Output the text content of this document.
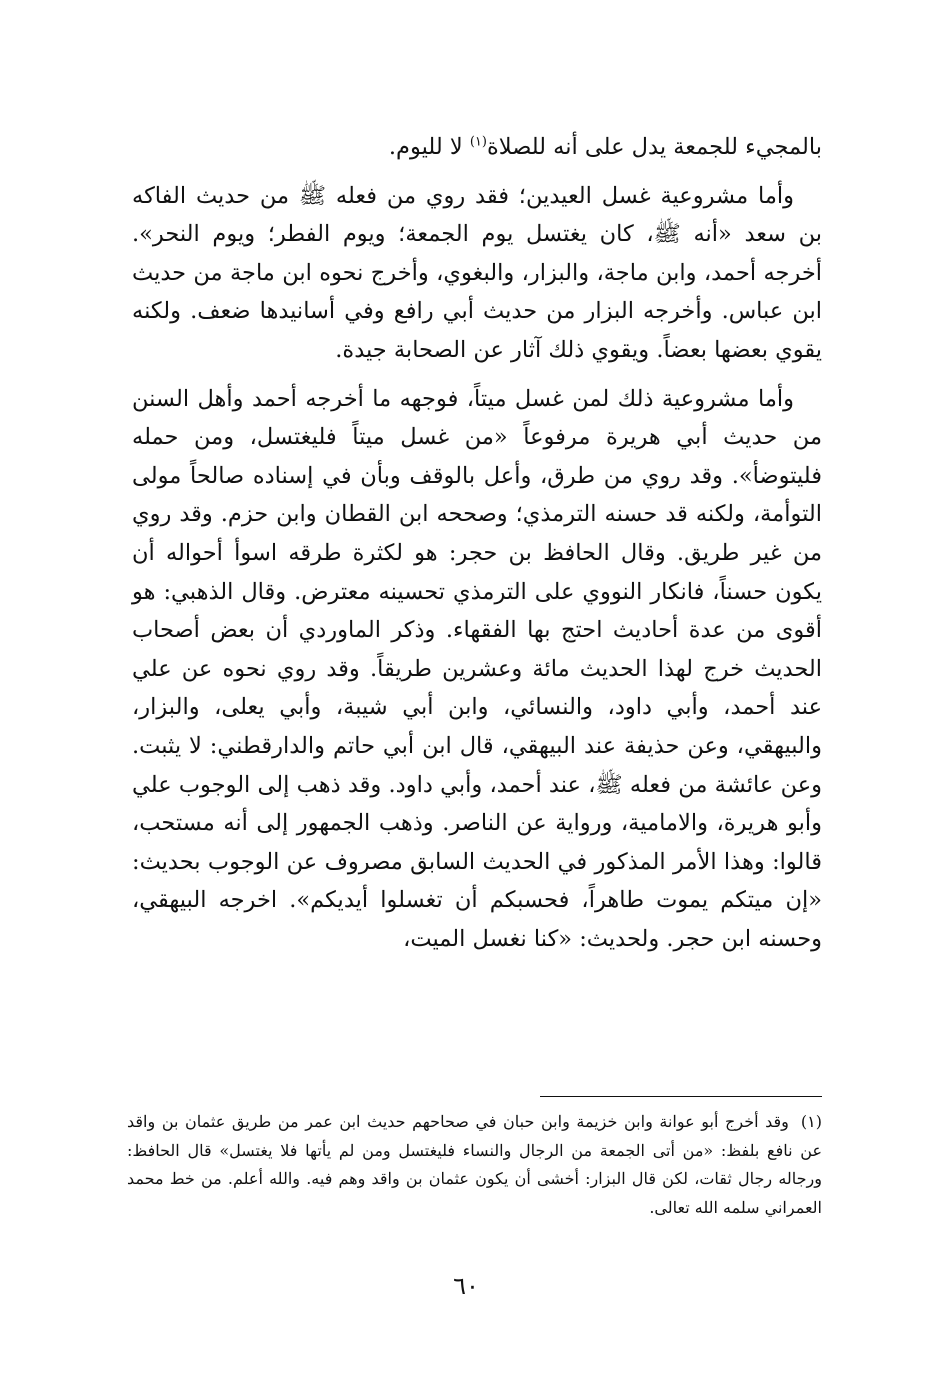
بالمجيء للجمعة يدل على أنه للصلاة$^{(١)}$ لا لليوم.

وأما مشروعية غسل العيدين؛ فقد روي من فعله ﷺ من حديث الفاكه بن سعد «أنه ﷺ، كان يغتسل يوم الجمعة؛ ويوم الفطر؛ ويوم النحر». أخرجه أحمد، وابن ماجة، والبزار، والبغوي، وأخرج نحوه ابن ماجة من حديث ابن عباس. وأخرجه البزار من حديث أبي رافع وفي أسانيدها ضعف. ولكنه يقوي بعضها بعضاً. ويقوي ذلك آثار عن الصحابة جيدة.

وأما مشروعية ذلك لمن غسل ميتاً، فوجهه ما أخرجه أحمد وأهل السنن من حديث أبي هريرة مرفوعاً «من غسل ميتاً فليغتسل، ومن حمله فليتوضأ». وقد روي من طرق، وأعل بالوقف وبأن في إسناده صالحاً مولى التوأمة، ولكنه قد حسنه الترمذي؛ وصححه ابن القطان وابن حزم. وقد روي من غير طريق. وقال الحافظ بن حجر: هو لكثرة طرقه اسوأ أحواله أن يكون حسناً، فانكار النووي على الترمذي تحسينه معترض. وقال الذهبي: هو أقوى من عدة أحاديث احتج بها الفقهاء. وذكر الماوردي أن بعض أصحاب الحديث خرج لهذا الحديث مائة وعشرين طريقاً. وقد روي نحوه عن علي عند أحمد، وأبي داود، والنسائي، وابن أبي شيبة، وأبي يعلى، والبزار، والبيهقي، وعن حذيفة عند البيهقي، قال ابن أبي حاتم والدارقطني: لا يثبت. وعن عائشة من فعله ﷺ، عند أحمد، وأبي داود. وقد ذهب إلى الوجوب علي وأبو هريرة، والامامية، ورواية عن الناصر. وذهب الجمهور إلى أنه مستحب، قالوا: وهذا الأمر المذكور في الحديث السابق مصروف عن الوجوب بحديث: «إن ميتكم يموت طاهراً، فحسبكم أن تغسلوا أيديكم». اخرجه البيهقي، وحسنه ابن حجر. ولحديث: «كنا نغسل الميت،

(١)وقد أخرج أبو عوانة وابن خزيمة وابن حبان في صحاحهم حديث ابن عمر من طريق عثمان بن واقد عن نافع بلفظ: «من أتى الجمعة من الرجال والنساء فليغتسل ومن لم يأتها فلا يغتسل» قال الحافظ: ورجاله رجال ثقات، لكن قال البزار: أخشى أن يكون عثمان بن واقد وهم فيه. والله أعلم. من خط محمد العمراني سلمه الله تعالى.

٦٠
